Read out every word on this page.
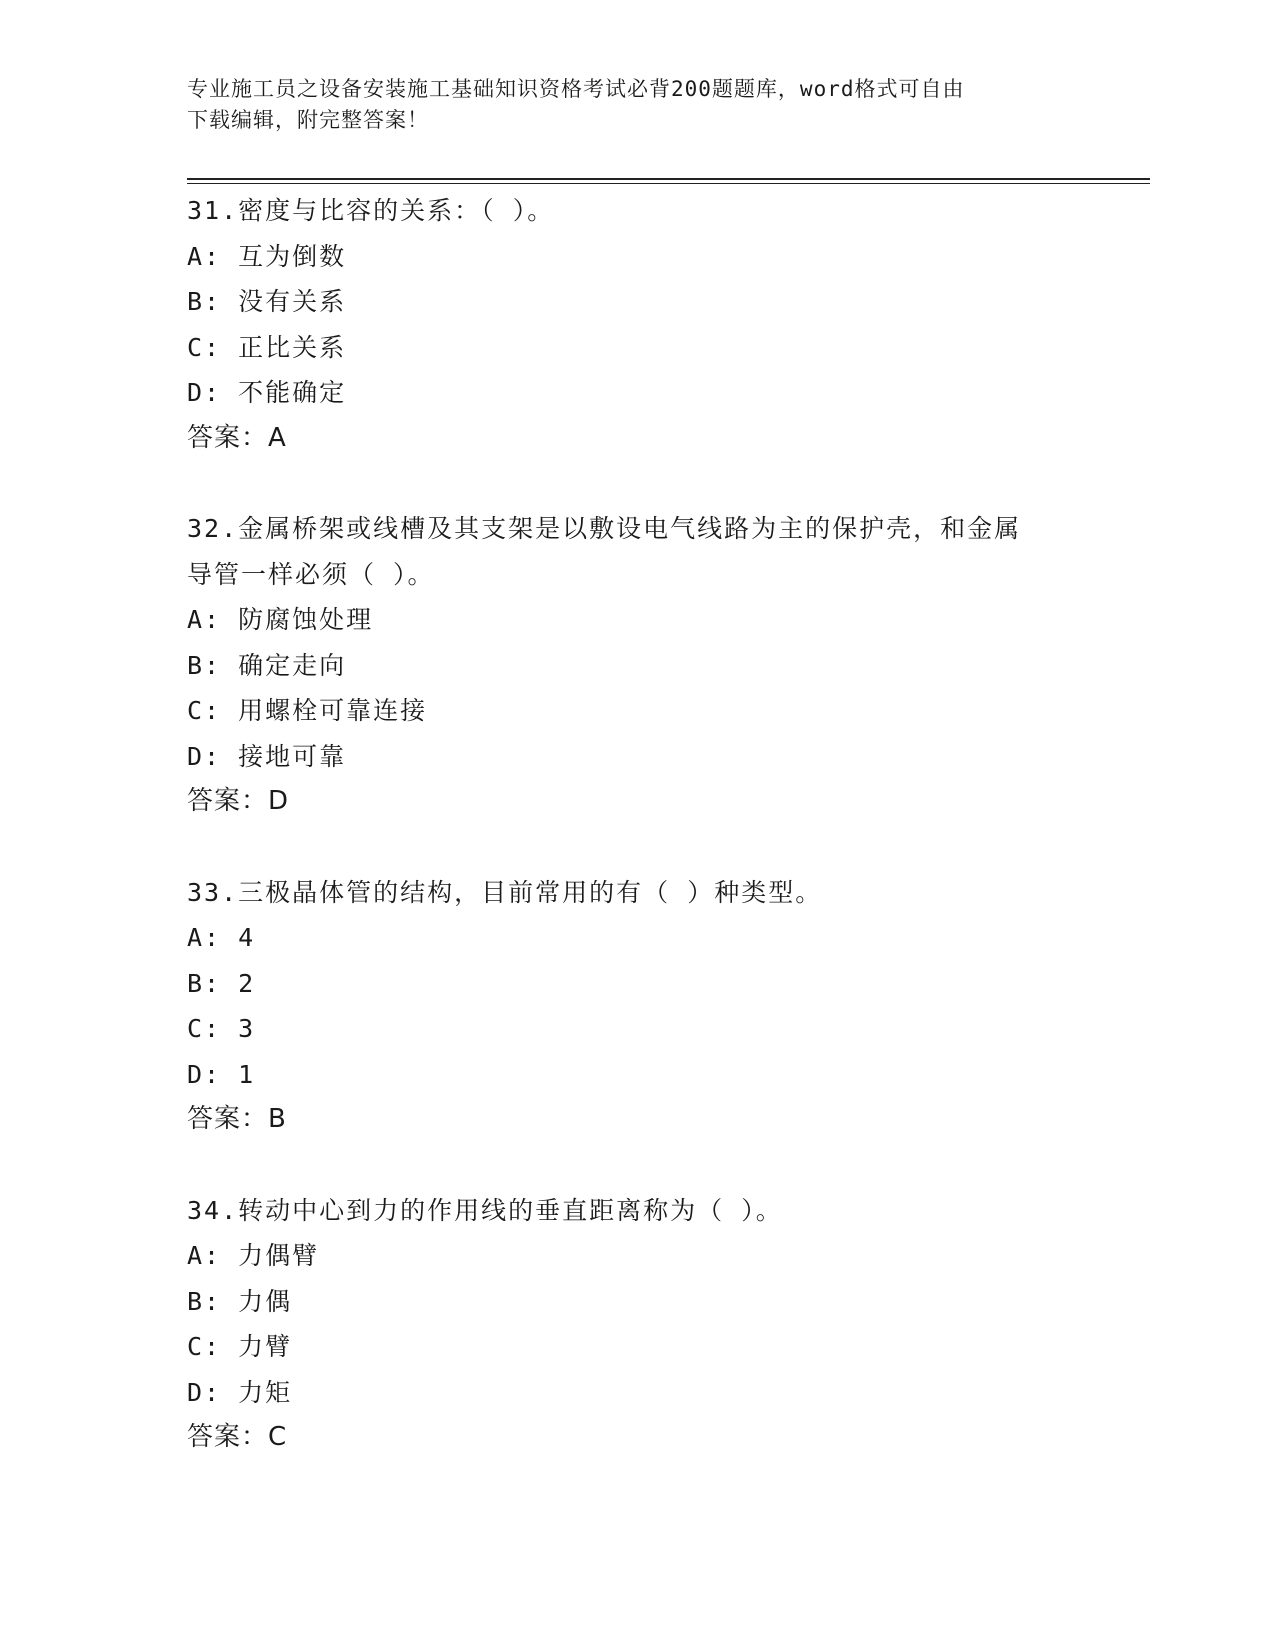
专业施工员之设备安装施工基础知识资格考试必背200题题库，word格式可自由
下载编辑，附完整答案！
31.密度与比容的关系：（ ）。
A: 互为倒数
B: 没有关系
C: 正比关系
D: 不能确定
答案：A
32.金属桥架或线槽及其支架是以敷设电气线路为主的保护壳，和金属
导管一样必须（ ）。
A: 防腐蚀处理
B: 确定走向
C: 用螺栓可靠连接
D: 接地可靠
答案：D
33.三极晶体管的结构，目前常用的有（ ）种类型。
A: 4
B: 2
C: 3
D: 1
答案：B
34.转动中心到力的作用线的垂直距离称为（ ）。
A: 力偶臂
B: 力偶
C: 力臂
D: 力矩
答案：C
